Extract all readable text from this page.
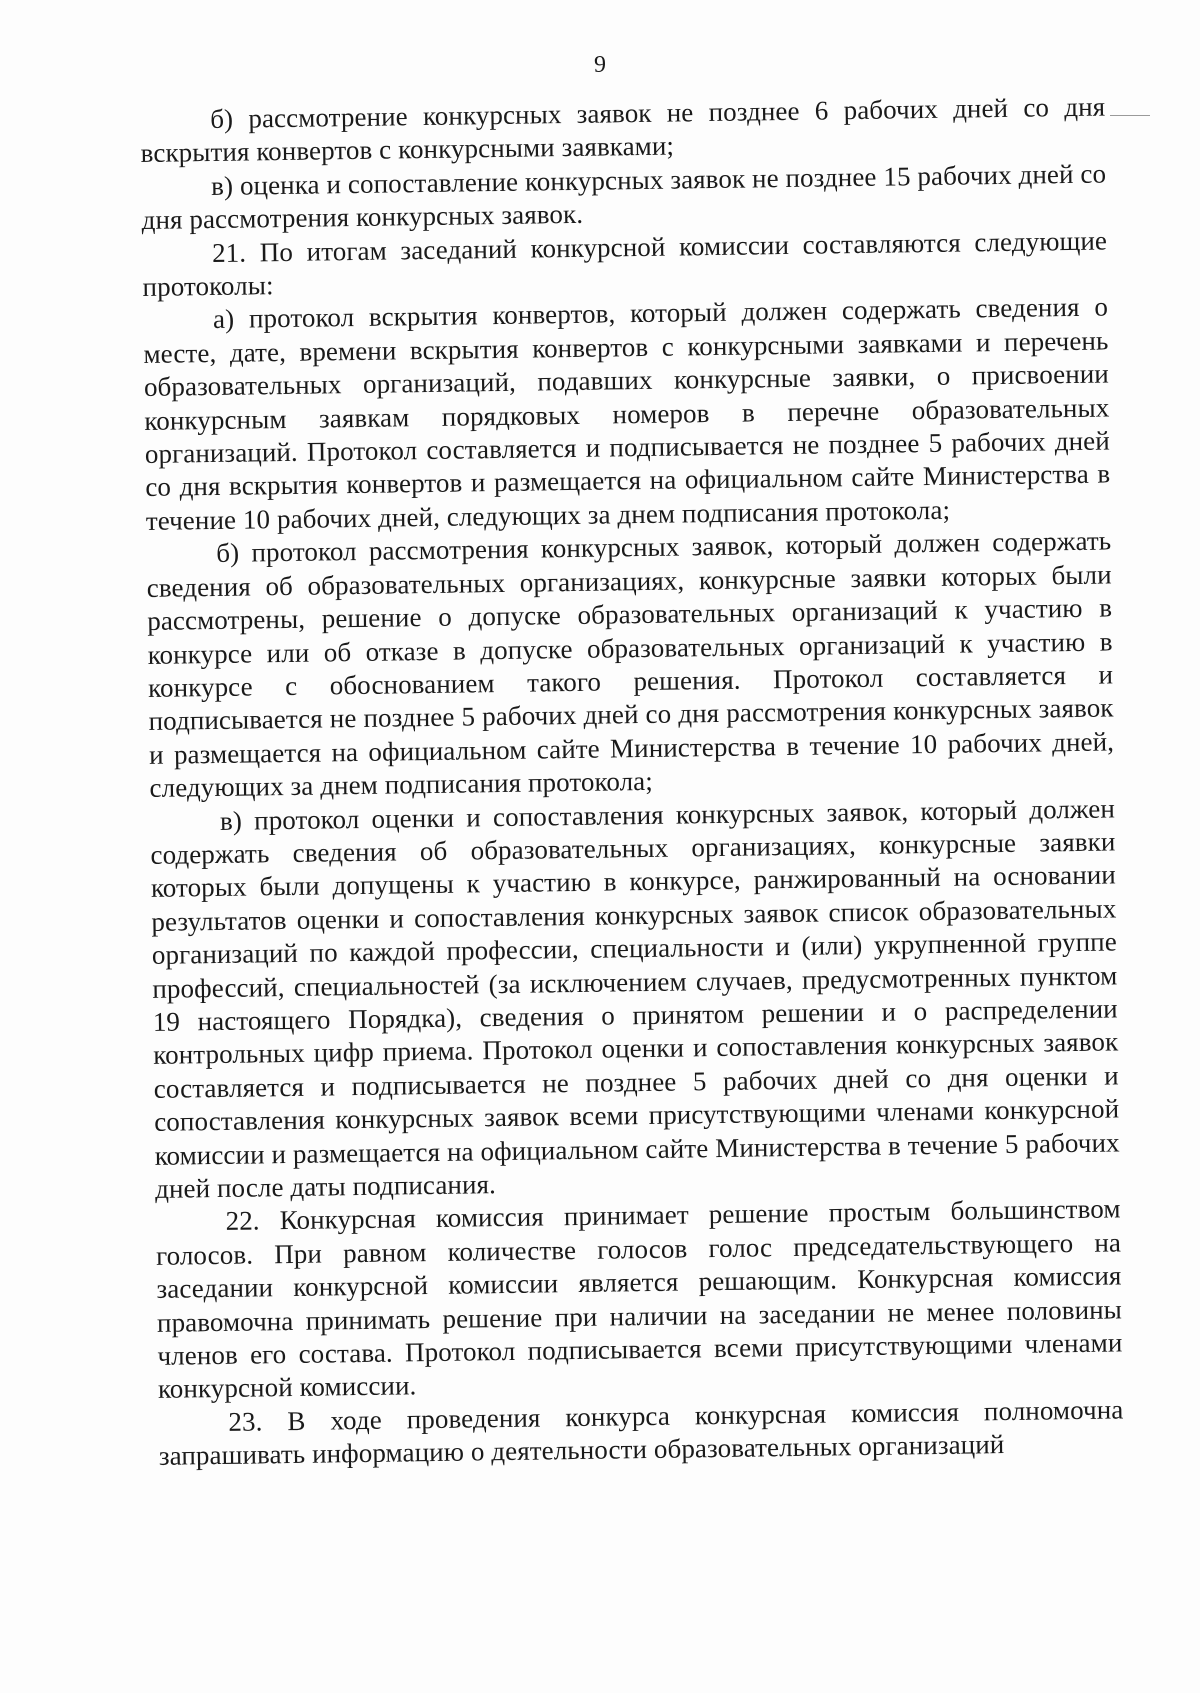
9

б) рассмотрение конкурсных заявок не позднее 6 рабочих дней со дня вскрытия конвертов с конкурсными заявками;

в) оценка и сопоставление конкурсных заявок не позднее 15 рабочих дней со дня рассмотрения конкурсных заявок.

21. По итогам заседаний конкурсной комиссии составляются следующие протоколы:

а) протокол вскрытия конвертов, который должен содержать сведения о месте, дате, времени вскрытия конвертов с конкурсными заявками и перечень образовательных организаций, подавших конкурсные заявки, о присвоении конкурсным заявкам порядковых номеров в перечне образовательных организаций. Протокол составляется и подписывается не позднее 5 рабочих дней со дня вскрытия конвертов и размещается на официальном сайте Министерства в течение 10 рабочих дней, следующих за днем подписания протокола;

б) протокол рассмотрения конкурсных заявок, который должен содержать сведения об образовательных организациях, конкурсные заявки которых были рассмотрены, решение о допуске образовательных организаций к участию в конкурсе или об отказе в допуске образовательных организаций к участию в конкурсе с обоснованием такого решения. Протокол составляется и подписывается не позднее 5 рабочих дней со дня рассмотрения конкурсных заявок и размещается на официальном сайте Министерства в течение 10 рабочих дней, следующих за днем подписания протокола;

в) протокол оценки и сопоставления конкурсных заявок, который должен содержать сведения об образовательных организациях, конкурсные заявки которых были допущены к участию в конкурсе, ранжированный на основании результатов оценки и сопоставления конкурсных заявок список образовательных организаций по каждой профессии, специальности и (или) укрупненной группе профессий, специальностей (за исключением случаев, предусмотренных пунктом 19 настоящего Порядка), сведения о принятом решении и о распределении контрольных цифр приема. Протокол оценки и сопоставления конкурсных заявок составляется и подписывается не позднее 5 рабочих дней со дня оценки и сопоставления конкурсных заявок всеми присутствующими членами конкурсной комиссии и размещается на официальном сайте Министерства в течение 5 рабочих дней после даты подписания.

22. Конкурсная комиссия принимает решение простым большинством голосов. При равном количестве голосов голос председательствующего на заседании конкурсной комиссии является решающим. Конкурсная комиссия правомочна принимать решение при наличии на заседании не менее половины членов его состава. Протокол подписывается всеми присутствующими членами конкурсной комиссии.

23. В ходе проведения конкурса конкурсная комиссия полномочна запрашивать информацию о деятельности образовательных организаций
